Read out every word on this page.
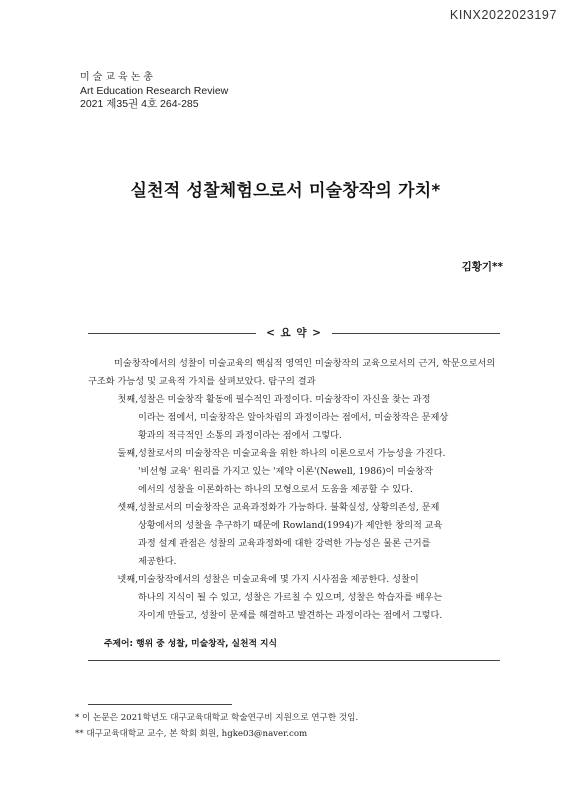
KINX2022023197
미술교육논총
Art Education Research Review
2021 제35권 4호 264-285
실천적 성찰체험으로서 미술창작의 가치*
김황기**
< 요 약 >

미술창작에서의 성찰이 미술교육의 핵심적 영역인 미술창작의 교육으로서의 근거, 학문으로서의 구조화 가능성 및 교육적 가치를 살펴보았다. 탐구의 결과

첫째, 성찰은 미술창작 활동에 필수적인 과정이다. 미술창작이 자신을 찾는 과정
이라는 점에서, 미술창작은 알아차림의 과정이라는 점에서, 미술창작은 문제상
황과의 적극적인 소통의 과정이라는 점에서 그렇다.
둘째, 성찰로서의 미술창작은 미술교육을 위한 하나의 이론으로서 가능성을 가진다.
'비선형 교육' 원리를 가지고 있는 '제약 이론'(Newell, 1986)이 미술창작
에서의 성찰을 이론화하는 하나의 모형으로서 도움을 제공할 수 있다.
셋째, 성찰로서의 미술창작은 교육과정화가 가능하다. 불확실성, 상황의존성, 문제
상황에서의 성찰을 추구하기 때문에 Rowland(1994)가 제안한 창의적 교육
과정 설계 관점은 성찰의 교육과정화에 대한 강력한 가능성은 물론 근거를
제공한다.
넷째, 미술창작에서의 성찰은 미술교육에 몇 가지 시사점을 제공한다. 성찰이
하나의 지식이 될 수 있고, 성찰은 가르칠 수 있으며, 성찰은 학습자를 배우는
자이게 만들고, 성찰이 문제를 해결하고 발견하는 과정이라는 점에서 그렇다.
주제어: 행위 중 성찰, 미술창작, 실천적 지식
* 이 논문은 2021학년도 대구교육대학교 학술연구비 지원으로 연구한 것임.
** 대구교육대학교 교수, 본 학회 회원, hgke03@naver.com
